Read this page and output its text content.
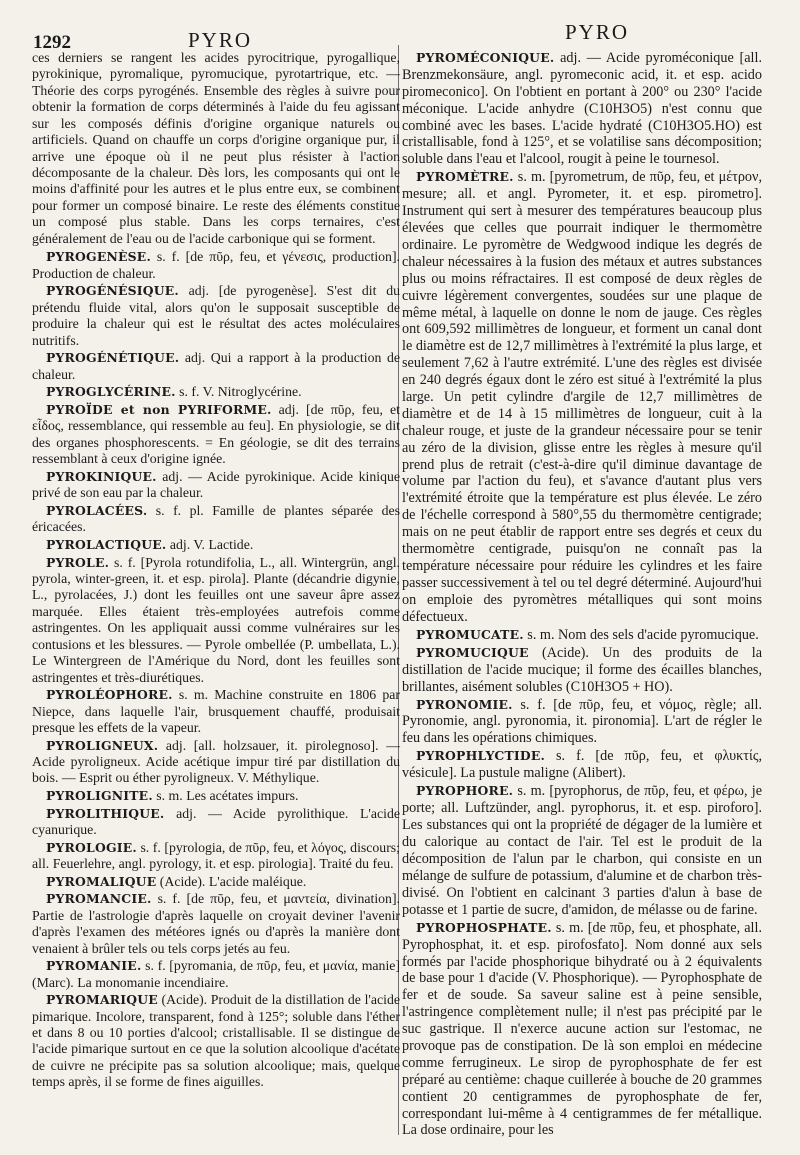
1292	PYRO	PYRO

ces derniers se rangent les acides pyrocitrique, pyrogallique, pyrokinique, pyromalique, pyromucique, pyrotartrique, etc. — Théorie des corps pyrogénés. Ensemble des règles à suivre pour obtenir la formation de corps déterminés à l'aide du feu agissant sur les composés définis d'origine organique naturels ou artificiels. Quand on chauffe un corps d'origine organique pur, il arrive une époque où il ne peut plus résister à l'action décomposante de la chaleur. Dès lors, les composants qui ont le moins d'affinité pour les autres et le plus entre eux, se combinent pour former un composé binaire. Le reste des éléments constitue un composé plus stable. Dans les corps ternaires, c'est généralement de l'eau ou de l'acide carbonique qui se forment.

PYROGENÈSE. s. f. [de πῦρ, feu, et γένεσις, production]. Production de chaleur.

PYROGÉNÉSIQUE. adj. [de pyrogenèse]. S'est dit du prétendu fluide vital, alors qu'on le supposait susceptible de produire la chaleur qui est le résultat des actes moléculaires nutritifs.

PYROGÉNÉTIQUE. adj. Qui a rapport à la production de chaleur.

PYROGLYCÉRINE. s. f. V. Nitroglycérine.

PYROÏDE et non PYRIFORME. adj. [de πῦρ, feu, et εἶδος, ressemblance, qui ressemble au feu]. En physiologie, se dit des organes phosphorescents. = En géologie, se dit des terrains ressemblant à ceux d'origine ignée.

PYROKINIQUE. adj. — Acide pyrokinique. Acide kinique privé de son eau par la chaleur.

PYROLACÉES. s. f. pl. Famille de plantes séparée des éricacées.

PYROLACTIQUE. adj. V. Lactide.

PYROLE. s. f. [Pyrola rotundifolia, L., all. Wintergrün, angl. pyrola, winter-green, it. et esp. pirola]. Plante (décandrie digynie, L., pyrolacées, J.) dont les feuilles ont une saveur âpre assez marquée. Elles étaient très-employées autrefois comme astringentes. On les appliquait aussi comme vulnéraires sur les contusions et les blessures. — Pyrole ombellée (P. umbellata, L.). Le Wintergreen de l'Amérique du Nord, dont les feuilles sont astringentes et très-diurétiques.

PYROLÉOPHORE. s. m. Machine construite en 1806 par Niepce, dans laquelle l'air, brusquement chauffé, produisait presque les effets de la vapeur.

PYROLIGNEUX. adj. [all. holzsauer, it. pirolegnoso]. — Acide pyroligneux. Acide acétique impur tiré par distillation du bois. — Esprit ou éther pyroligneux. V. Méthylique.

PYROLIGNITE. s. m. Les acétates impurs.

PYROLITHIQUE. adj. — Acide pyrolithique. L'acide cyanurique.

PYROLOGIE. s. f. [pyrologia, de πῦρ, feu, et λόγος, discours; all. Feuerlehre, angl. pyrology, it. et esp. pirologia]. Traité du feu.

PYROMALIQUE (Acide). L'acide maléique.

PYROMANCIE. s. f. [de πῦρ, feu, et μαντεία, divination]. Partie de l'astrologie d'après laquelle on croyait deviner l'avenir d'après l'examen des météores ignés ou d'après la manière dont venaient à brûler tels ou tels corps jetés au feu.

PYROMANIE. s. f. [pyromania, de πῦρ, feu, et μανία, manie] (Marc). La monomanie incendiaire.

PYROMARIQUE (Acide). Produit de la distillation de l'acide pimarique. Incolore, transparent, fond à 125°; soluble dans l'éther et dans 8 ou 10 porties d'alcool; cristallisable. Il se distingue de l'acide pimarique surtout en ce que la solution alcoolique d'acétate de cuivre ne précipite pas sa solution alcoolique; mais, quelque temps après, il se forme de fines aiguilles.

PYROMÉCONIQUE. adj. — Acide pyroméconique [all. Brenzmekonsäure, angl. pyromeconic acid, it. et esp. acido piromeconico]. On l'obtient en portant à 200° ou 230° l'acide méconique. L'acide anhydre (C10H3O5) n'est connu que combiné avec les bases. L'acide hydraté (C10H3O5.HO) est cristallisable, fond à 125°, et se volatilise sans décomposition; soluble dans l'eau et l'alcool, rougit à peine le tournesol.

PYROMÈTRE. s. m. [pyrometrum, de πῦρ, feu, et μέτρον, mesure; all. et angl. Pyrometer, it. et esp. pirometro]. Instrument qui sert à mesurer des températures beaucoup plus élevées que celles que pourrait indiquer le thermomètre ordinaire. Le pyromètre de Wedgwood indique les degrés de chaleur nécessaires à la fusion des métaux et autres substances plus ou moins réfractaires. Il est composé de deux règles de cuivre légèrement convergentes, soudées sur une plaque de même métal, à laquelle on donne le nom de jauge. Ces règles ont 609,592 millimètres de longueur, et forment un canal dont le diamètre est de 12,7 millimètres à l'extrémité la plus large, et seulement 7,62 à l'autre extrémité. L'une des règles est divisée en 240 degrés égaux dont le zéro est situé à l'extrémité la plus large. Un petit cylindre d'argile de 12,7 millimètres de diamètre et de 14 à 15 millimètres de longueur, cuit à la chaleur rouge, et juste de la grandeur nécessaire pour se tenir au zéro de la division, glisse entre les règles à mesure qu'il prend plus de retrait (c'est-à-dire qu'il diminue davantage de volume par l'action du feu), et s'avance d'autant plus vers l'extrémité étroite que la température est plus élevée. Le zéro de l'échelle correspond à 580°,55 du thermomètre centigrade; mais on ne peut établir de rapport entre ses degrés et ceux du thermomètre centigrade, puisqu'on ne connaît pas la température nécessaire pour réduire les cylindres et les faire passer successivement à tel ou tel degré déterminé. Aujourd'hui on emploie des pyromètres métalliques qui sont moins défectueux.

PYROMUCATE. s. m. Nom des sels d'acide pyromucique.

PYROMUCIQUE (Acide). Un des produits de la distillation de l'acide mucique; il forme des écailles blanches, brillantes, aisément solubles (C10H3O5 + HO).

PYRONOMIE. s. f. [de πῦρ, feu, et νόμος, règle; all. Pyronomie, angl. pyronomia, it. pironomia]. L'art de régler le feu dans les opérations chimiques.

PYROPHLYCTIDE. s. f. [de πῦρ, feu, et φλυκτίς, vésicule]. La pustule maligne (Alibert).

PYROPHORE. s. m. [pyrophorus, de πῦρ, feu, et φέρω, je porte; all. Luftzünder, angl. pyrophorus, it. et esp. piroforo]. Les substances qui ont la propriété de dégager de la lumière et du calorique au contact de l'air. Tel est le produit de la décomposition de l'alun par le charbon, qui consiste en un mélange de sulfure de potassium, d'alumine et de charbon très-divisé. On l'obtient en calcinant 3 parties d'alun à base de potasse et 1 partie de sucre, d'amidon, de mélasse ou de farine.

PYROPHOSPHATE. s. m. [de πῦρ, feu, et phosphate, all. Pyrophosphat, it. et esp. pirofosfato]. Nom donné aux sels formés par l'acide phosphorique bihydraté ou à 2 équivalents de base pour 1 d'acide (V. Phosphorique). — Pyrophosphate de fer et de soude. Sa saveur saline est à peine sensible, l'astringence complètement nulle; il n'est pas précipité par le suc gastrique. Il n'exerce aucune action sur l'estomac, ne provoque pas de constipation. De là son emploi en médecine comme ferrugineux. Le sirop de pyrophosphate de fer est préparé au centième: chaque cuillerée à bouche de 20 grammes contient 20 centigrammes de pyrophosphate de fer, correspondant lui-même à 4 centigrammes de fer métallique. La dose ordinaire, pour les
